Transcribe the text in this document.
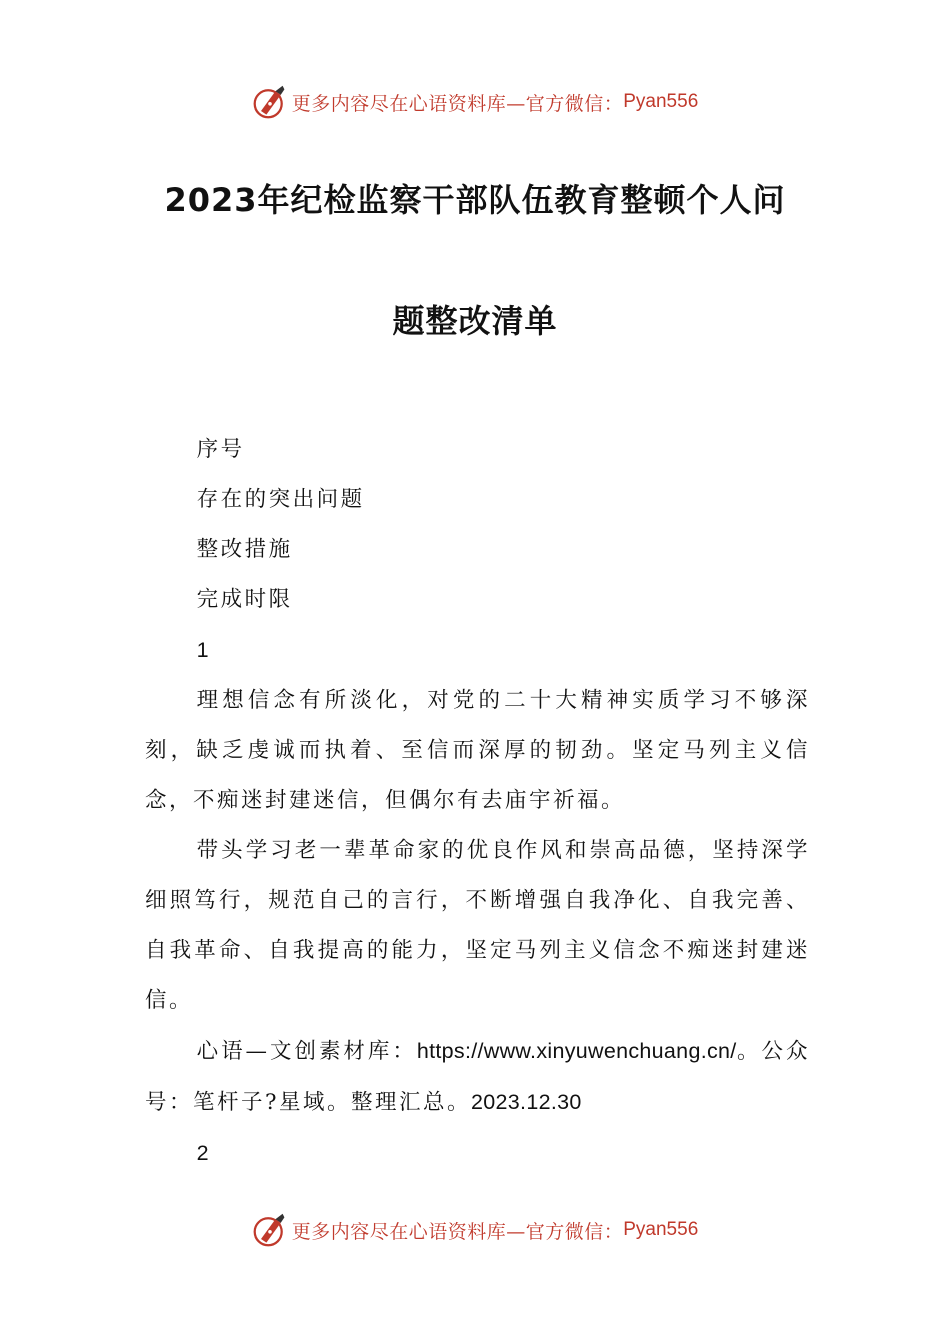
更多内容尽在心语资料库—官方微信： Pyan556
2023年纪检监察干部队伍教育整顿个人问
题整改清单

序号

存在的突出问题

整改措施

完成时限

1

理想信念有所淡化，对党的二十大精神实质学习不够深刻，缺乏虔诚而执着、至信而深厚的韧劲。坚定马列主义信念，不痴迷封建迷信，但偶尔有去庙宇祈福。

带头学习老一辈革命家的优良作风和崇高品德，坚持深学细照笃行，规范自己的言行，不断增强自我净化、自我完善、自我革命、自我提高的能力，坚定马列主义信念不痴迷封建迷信。

心语—文创素材库：https://www.xinyuwenchuang.cn/。公众号：笔杆子?星域。整理汇总。2023.12.30

2

更多内容尽在心语资料库—官方微信： Pyan556
